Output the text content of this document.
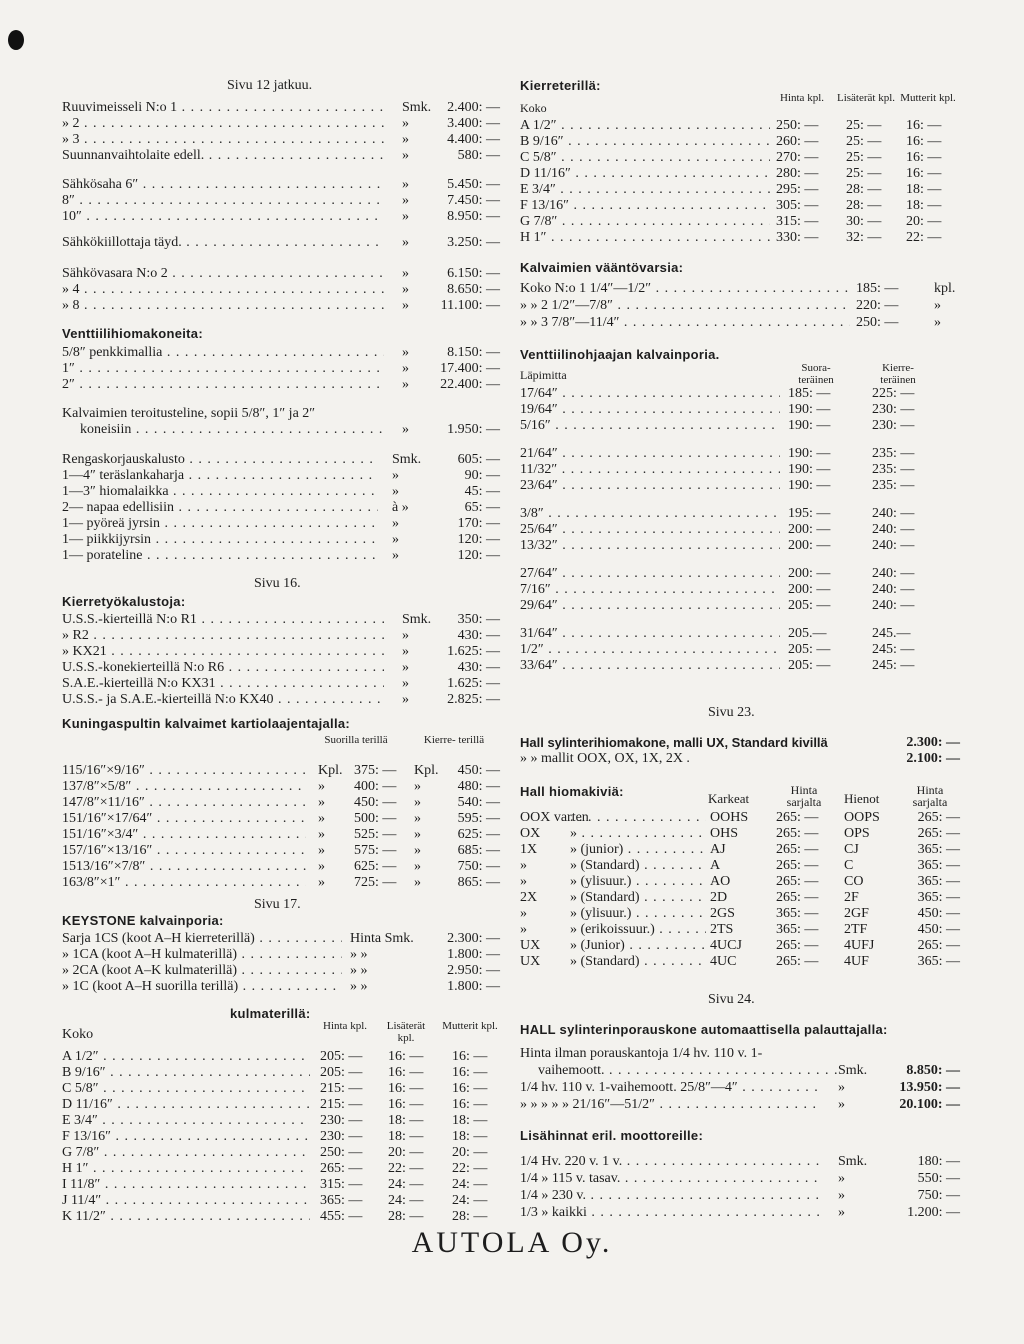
Sivu 12 jatkuu.
Ruuvimeisseli N:o 1 . . .	Smk. 2.400: —
» 2 . . .	»	3.400: —
» 3 . . .	»	4.400: —
Suunnanvaihtolaite edell. . . .	»	580: —
Sähkösaha 6″ . . .	»	5.450: —
8″ . . .	»	7.450: —
10″ . . .	»	8.950: —
Sähkökiillottaja täyd. . . .	»	3.250: —
Sähkövasara N:o 2 . . .	»	6.150: —
» 4 . . .	»	8.650: —
» 8 . . .	» 11.100: —
Venttiilihiomakoneita:
5/8″ penkkimallia . . .	»	8.150: —
1″ . . .	» 17.400: —
2″ . . .	» 22.400: —
Kalvaimien teroitusteline, sopii 5/8″, 1″ ja 2″
koneisiin . . .	»	1.950: —
Rengaskorjauskalusto . . .	Smk.	605: —
1—4″ teräslankaharja . . .	»	90: —
1—3″ hiomalaikka . . .	»	45: —
2— napaa edellisiin . . .	à »	65: —
1— pyöreä jyrsin . . .	»	170: —
1— piikkijyrsin . . .	»	120: —
1— porateline . . .	»	120: —
Sivu 16.
Kierretyökalustoja:
U.S.S.-kierteillä N:o R1 . . .	Smk. 350: —
» R2 . . .	»	430: —
» KX21 . . .	»	1.625: —
U.S.S.-konekierteillä N:o R6 . . .	»	430: —
S.A.E.-kierteillä N:o KX31 . . .	»	1.625: —
U.S.S.- ja S.A.E.-kierteillä N:o KX40 . . .	»	2.825: —
Kuningaspultin kalvaimet kartiolaajentajalla:
Suorilla terillä	Kierre- terillä
115/16″×9/16″ . . .	Kpl. 375: — Kpl. 450: —
137/8″×5/8″ . . .	» 400: — »	480: —
147/8″×11/16″ . . .	» 450: — »	540: —
151/16″×17/64″ . . .	» 500: — »	595: —
151/16″×3/4″ . . .	» 525: — »	625: —
157/16″×13/16″ . . .	» 575: — »	685: —
1513/16″×7/8″ . . .	» 625: — »	750: —
163/8″×1″ . . .	» 725: — »	865: —
Sivu 17.
KEYSTONE kalvainporia:
Sarja 1CS (koot A–H kierreterillä) . . .	Hinta Smk. 2.300: —
» 1CA (koot A–H kulmaterillä) . . .	» »	1.800: —
» 2CA (koot A–K kulmaterillä) . . .	» »	2.950: —
» 1C (koot A–H suorilla terillä) . . .	» »	1.800: —
kulmaterillä:
Koko
Hinta kpl.	Lisäterät kpl.
Mutterit kpl.
A 1/2″ . . .	205: — 16: — 16: —
B 9/16″ . . .	205: — 16: — 16: —
C 5/8″ . . .	215: — 16: — 16: —
D 11/16″ . . .	215: — 16: — 16: —
E 3/4″ . . .	230: — 18: — 18: —
F 13/16″ . . .	230: — 18: — 18: —
G 7/8″ . . .	250: — 20: — 20: —
H 1″ . . .	265: — 22: — 22: —
I 11/8″ . . .	315: — 24: — 24: —
J 11/4″ . . .	365: — 24: — 24: —
K 11/2″ . . .	455: — 28: — 28: —
Kierreterillä:
Koko
Hinta kpl.	Lisäterät kpl. Mutterit kpl.
A 1/2″ . . .	250: — 25: — 16: —
B 9/16″ . . .	260: — 25: — 16: —
C 5/8″ . . .	270: — 25: — 16: —
D 11/16″ . . .	280: — 25: — 16: —
E 3/4″ . . .	295: — 28: — 18: —
F 13/16″ . . .	305: — 28: — 18: —
G 7/8″ . . .	315: — 30: — 20: —
H 1″ . . .	330: — 32: — 22: —
Kalvaimien vääntövarsia:
Koko N:o 1 1/4″—1/2″ . . .	185: —	kpl.
» » 2 1/2″—7/8″ . . .	220: —	»
» » 3 7/8″—11/4″ . . .	250: —	»
Venttiilinohjaajan kalvainporia.
Läpimitta	Suora- teräinen
Kierre- teräinen
17/64″ . . .	185: —	225: —
19/64″ . . .	190: —	230: —
5/16″ . . .	190: —	230: —
21/64″ . . .	190: —	235: —
11/32″ . . .	190: —	235: —
23/64″ . . .	190: —	235: —
3/8″ . . .	195: —	240: —
25/64″ . . .	200: —	240: —
13/32″ . . .	200: —	240: —
27/64″ . . .	200: —	240: —
7/16″ . . .	200: —	240: —
29/64″ . . .	205: —	240: —
31/64″ . . .	205.—	245.—
1/2″ . . .	205: —	245: —
33/64″ . . .	205: —	245: —
Sivu 23.
Hall sylinterihiomakone, malli UX, Standard kivillä	2.300: —
» » mallit OOX, OX, 1X, 2X .	2.100: —
Hall hiomakiviä:	Karkeat
Hinta sarjalta	Hienot
Hinta sarjalta
OOX varten
. . .	OOHS 265: — OOPS	265: —
OX » . . .	OHS	265: — OPS	265: —
1X » (junior) . . .	AJ	265: — CJ	365: —
»	» (Standard) . . .	A	265: — C	365: —
»	» (ylisuur.) . . .	AO	265: — CO	365: —
2X » (Standard) . . .	2D	265: — 2F	365: —
»	» (ylisuur.) . . .	2GS	365: — 2GF	450: —
»	» (erikoissuur.) . . .	2TS	365: — 2TF	450: —
UX » (Junior) . . .	4UCJ 265: — 4UFJ	265: —
UX » (Standard) . . .	4UC	265: — 4UF	365: —
Sivu 24.
HALL sylinterinporauskone automaattisella palauttajalla:
Hinta ilman porauskantoja 1/4 hv. 110 v. 1-
vaihemoott. . . .	Smk.	8.850: —
1/4 hv. 110 v. 1-vaihemoott. 25/8″—4″ . . .	»	13.950: —
» » » » » 21/16″—51/2″ . . .	»	20.100: —
Lisähinnat eril. moottoreille:
1/4 Hv. 220 v. 1 v. . . .	Smk.	180: —
1/4 » 115 v. tasav. . . .	»	550: —
1/4 » 230 v. . . .	»	750: —
1/3 » kaikki . . .	»	1.200: —
AUTOLA Oy.
